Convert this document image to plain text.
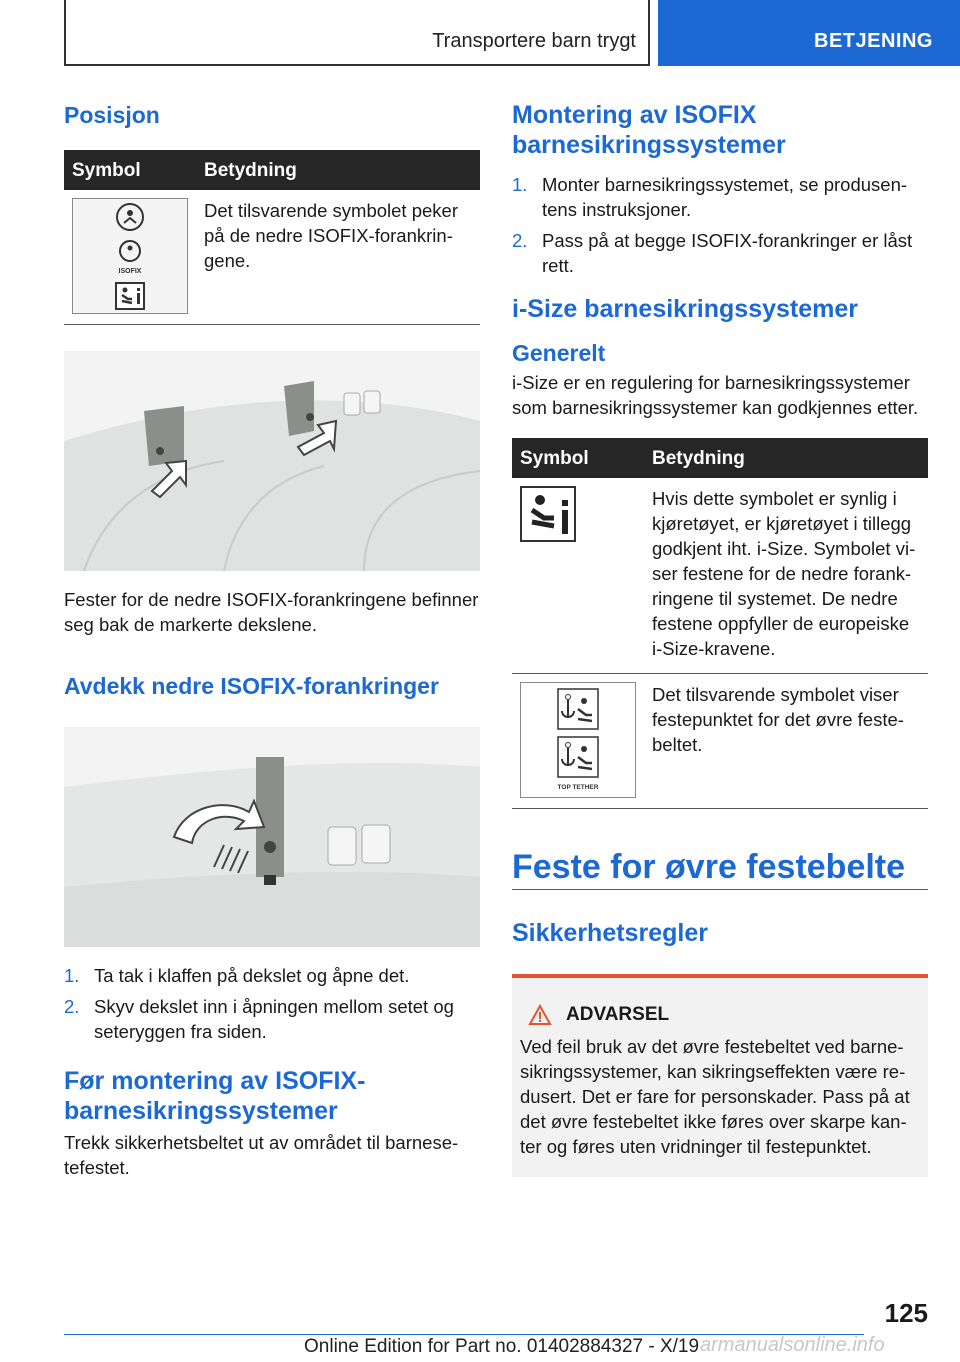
Transportere barn trygt	BETJENING
Posisjon
Symbol	Betydning

ISOFIX	Det tilsvarende symbolet peker på de nedre ISOFIX-forankringene.
Fester for de nedre ISOFIX-forankringene befinner seg bak de markerte dekslene.
Avdekk nedre ISOFIX-forankringer
1. Ta tak i klaffen på dekslet og åpne det.
2. Skyv dekslet inn i åpningen mellom setet og seteryggen fra siden.
Før montering av ISOFIX-barnesikringssystemer
Trekk sikkerhetsbeltet ut av området til barnesetefestet.
Montering av ISOFIX barnesikringssystemer
1. Monter barnesikringssystemet, se produsentens instruksjoner.
2. Pass på at begge ISOFIX-forankringer er låst rett.
i-Size barnesikringssystemer
Generelt
i-Size er en regulering for barnesikringssystemer som barnesikringssystemer kan godkjennes etter.
Symbol	Betydning

	Hvis dette symbolet er synlig i kjøretøyet, er kjøretøyet i tillegg godkjent iht. i-Size. Symbolet viser festene for de nedre forankringene til systemet. De nedre festene oppfyller de europeiske i-Size-kravene.

TOP TETHER	Det tilsvarende symbolet viser festepunktet for det øvre festebeltet.
Feste for øvre festebelte
Sikkerhetsregler
ADVARSEL
Ved feil bruk av det øvre festebeltet ved barnesikringssystemer, kan sikringseffekten være redusert. Det er fare for personskader. Pass på at det øvre festebeltet ikke føres over skarpe kanter og føres uten vridninger til festepunktet.
125
Online Edition for Part no. 01402884327 - X/19 armanualsonline.info
